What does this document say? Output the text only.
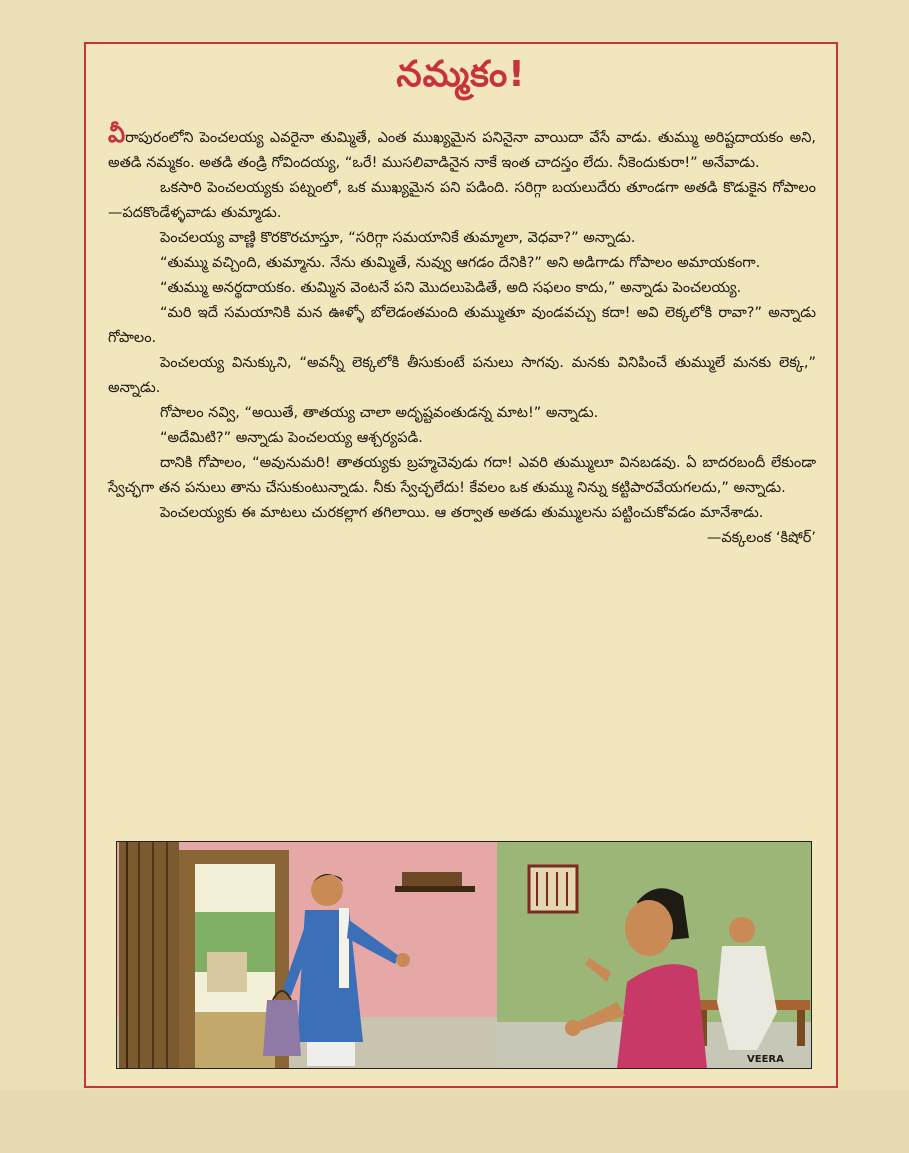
నమ్మకం!

వీరాపురంలోని పెంచలయ్య ఎవరైనా తుమ్మితే, ఎంత ముఖ్యమైన పనినైనా వాయిదా వేసే వాడు. తుమ్ము అరిష్టదాయకం అని, అతడి నమ్మకం. అతడి తండ్రి గోవిందయ్య, “ఒరే! ముసలివాడినైన నాకే ఇంత చాదస్తం లేదు. నీకెందుకురా!” అనేవాడు.

ఒకసారి పెంచలయ్యకు పట్నంలో, ఒక ముఖ్యమైన పని పడింది. సరిగ్గా బయలుదేరు తూండగా అతడి కొడుకైన గోపాలం—పదకొండేళ్ళవాడు తుమ్మాడు.

పెంచలయ్య వాణ్ణి కొరకొరచూస్తూ, “సరిగ్గా సమయానికే తుమ్మాలా, వెధవా?” అన్నాడు.

“తుమ్ము వచ్చింది, తుమ్మాను. నేను తుమ్మితే, నువ్వు ఆగడం దేనికి?” అని అడిగాడు గోపాలం అమాయకంగా.

“తుమ్ము అనర్థదాయకం. తుమ్మిన వెంటనే పని మొదలుపెడితే, అది సఫలం కాదు,” అన్నాడు పెంచలయ్య.

“మరి ఇదే సమయానికి మన ఊళ్ళో బోలెడంతమంది తుమ్ముతూ వుండవచ్చు కదా! అవి లెక్కలోకి రావా?” అన్నాడు గోపాలం.

పెంచలయ్య వినుక్కుని, “అవన్నీ లెక్కలోకి తీసుకుంటే పనులు సాగవు. మనకు వినిపించే తుమ్ములే మనకు లెక్క,” అన్నాడు.

గోపాలం నవ్వి, “అయితే, తాతయ్య చాలా అదృష్టవంతుడన్న మాట!” అన్నాడు.

“అదేమిటి?” అన్నాడు పెంచలయ్య ఆశ్చర్యపడి.

దానికి గోపాలం, “అవునుమరి! తాతయ్యకు బ్రహ్మచెవుడు గదా! ఎవరి తుమ్ములూ వినబడవు. ఏ బాదరబందీ లేకుండా స్వేచ్ఛగా తన పనులు తాను చేసుకుంటున్నాడు. నీకు స్వేచ్ఛలేదు! కేవలం ఒక తుమ్ము నిన్ను కట్టిపారవేయగలదు,” అన్నాడు.

పెంచలయ్యకు ఈ మాటలు చురకల్లాగ తగిలాయి. ఆ తర్వాత అతడు తుమ్ములను పట్టించుకోవడం మానేశాడు.
—వక్కలంక ‘కిషోర్’

VEERA
